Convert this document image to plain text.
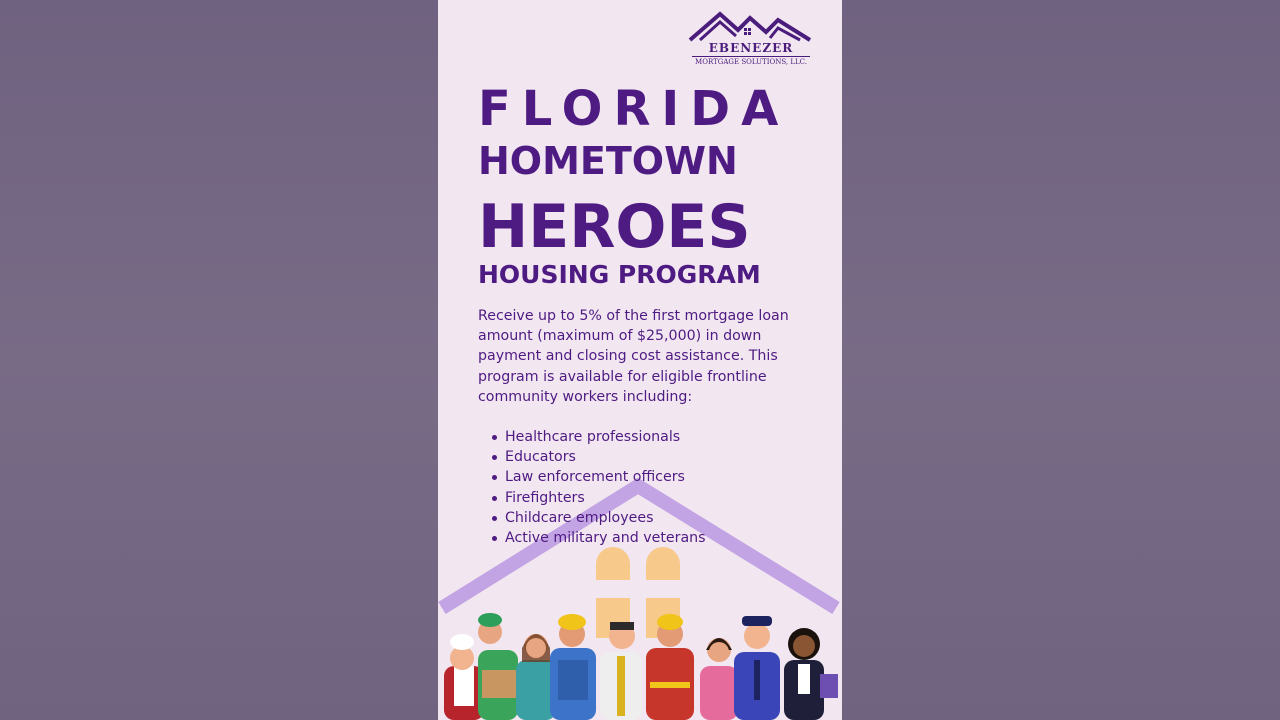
EBENEZER
MORTGAGE SOLUTIONS, LLC.
FLORIDA
HOMETOWN
HEROES
HOUSING PROGRAM
Receive up to 5% of the first mortgage loan amount (maximum of $25,000) in down payment and closing cost assistance. This program is available for eligible frontline community workers including:
Healthcare professionals
Educators
Law enforcement officers
Firefighters
Childcare employees
Active military and veterans
